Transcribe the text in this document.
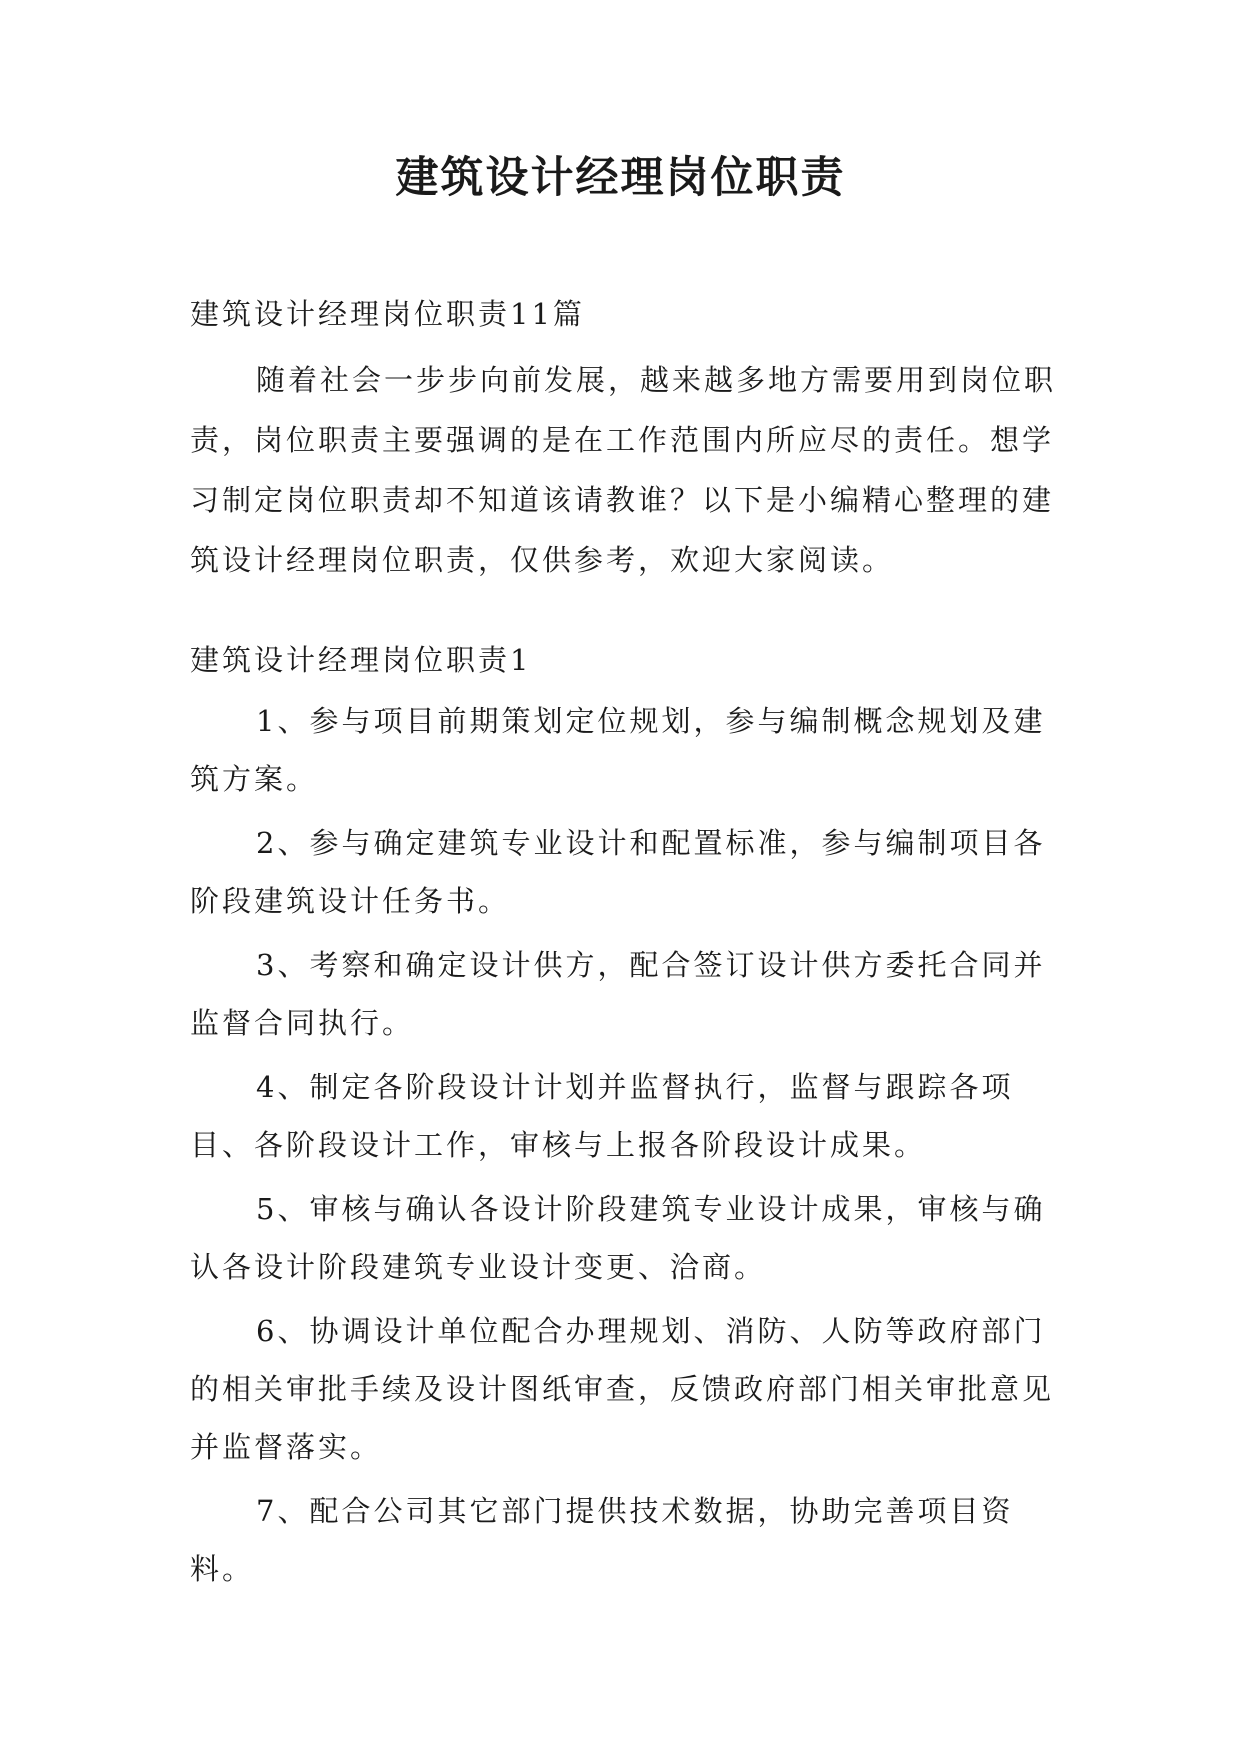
建筑设计经理岗位职责
建筑设计经理岗位职责11篇
随着社会一步步向前发展，越来越多地方需要用到岗位职责，岗位职责主要强调的是在工作范围内所应尽的责任。想学习制定岗位职责却不知道该请教谁？以下是小编精心整理的建筑设计经理岗位职责，仅供参考，欢迎大家阅读。
建筑设计经理岗位职责1

1、参与项目前期策划定位规划，参与编制概念规划及建筑方案。

2、参与确定建筑专业设计和配置标准，参与编制项目各阶段建筑设计任务书。

3、考察和确定设计供方，配合签订设计供方委托合同并监督合同执行。

4、制定各阶段设计计划并监督执行，监督与跟踪各项目、各阶段设计工作，审核与上报各阶段设计成果。

5、审核与确认各设计阶段建筑专业设计成果，审核与确认各设计阶段建筑专业设计变更、洽商。

6、协调设计单位配合办理规划、消防、人防等政府部门的相关审批手续及设计图纸审查，反馈政府部门相关审批意见并监督落实。

7、配合公司其它部门提供技术数据，协助完善项目资料。
